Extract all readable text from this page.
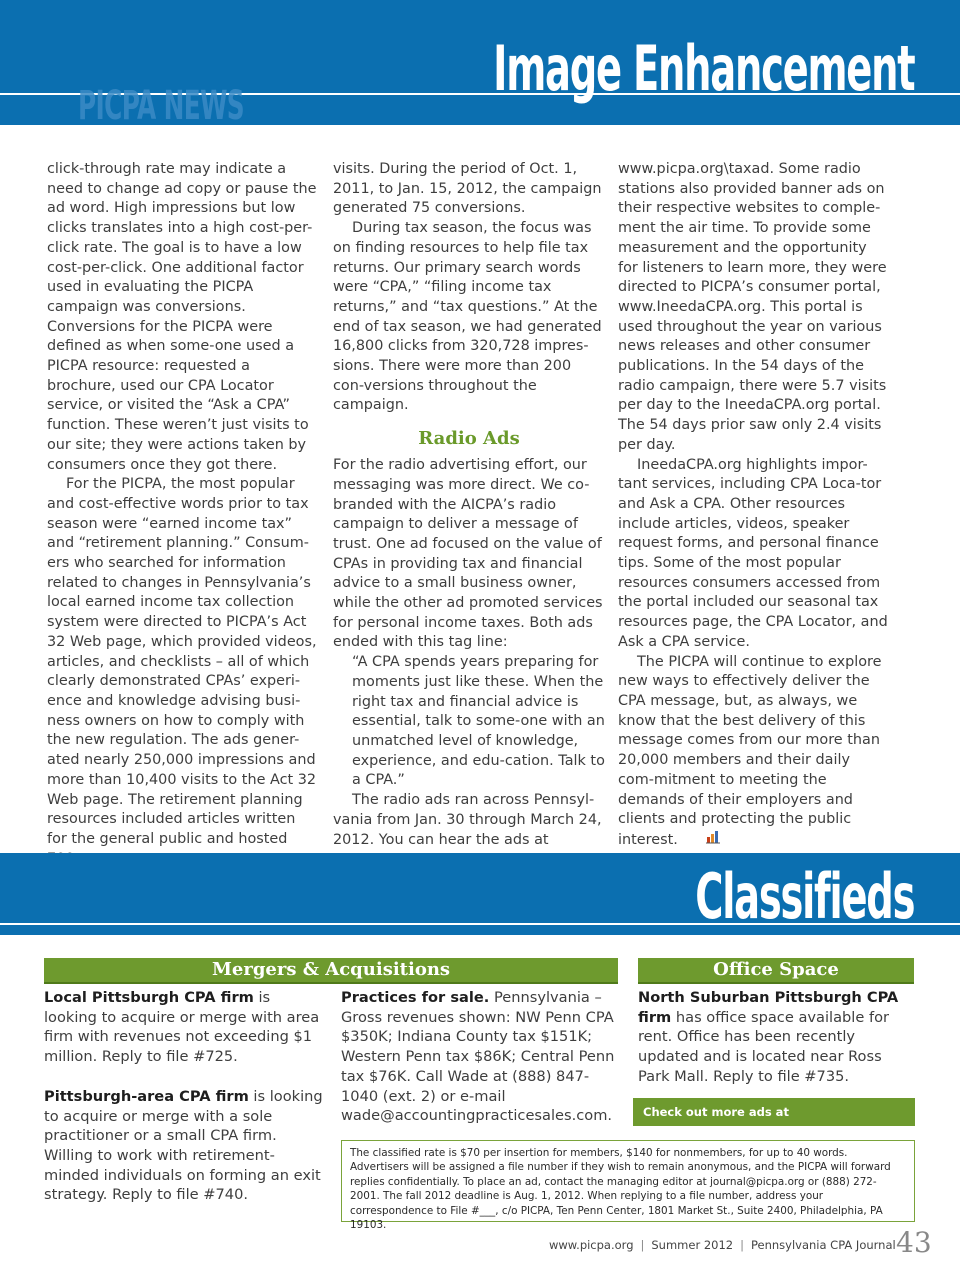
PICPA NEWS
Image Enhancement

click-through rate may indicate a need to change ad copy or pause the ad word. High impressions but low clicks translates into a high cost-per-click rate. The goal is to have a low cost-per-click. One additional factor used in evaluating the PICPA campaign was conversions. Conversions for the PICPA were defined as when some-one used a PICPA resource: requested a brochure, used our CPA Locator service, or visited the “Ask a CPA” function. These weren’t just visits to our site; they were actions taken by consumers once they got there.

For the PICPA, the most popular and cost-effective words prior to tax season were “earned income tax” and “retirement planning.” Consum-ers who searched for information related to changes in Pennsylvania’s local earned income tax collection system were directed to PICPA’s Act 32 Web page, which provided videos, articles, and checklists – all of which clearly demonstrated CPAs’ experi-ence and knowledge advising busi-ness owners on how to comply with the new regulation. The ads gener-ated nearly 250,000 impressions and more than 10,400 visits to the Act 32 Web page. The retirement planning resources included articles written for the general public and hosted

visits. During the period of Oct. 1, 2011, to Jan. 15, 2012, the campaign generated 75 conversions.

During tax season, the focus was on finding resources to help file tax returns. Our primary search words were “CPA,” “filing income tax returns,” and “tax questions.” At the end of tax season, we had generated 16,800 clicks from 320,728 impres-sions. There were more than 200 con-versions throughout the campaign.

Radio Ads

For the radio advertising effort, our messaging was more direct. We co-branded with the AICPA’s radio campaign to deliver a message of trust. One ad focused on the value of CPAs in providing tax and financial advice to a small business owner, while the other ad promoted services for personal income taxes. Both ads ended with this tag line:

“A CPA spends years preparing for moments just like these. When the right tax and financial advice is essential, talk to some-one with an unmatched level of knowledge, experience, and edu-cation. Talk to a CPA.”

The radio ads ran across Pennsyl-vania from Jan. 30 through March 24, 2012. You can hear the ads at

www.picpa.org\taxad. Some radio stations also provided banner ads on their respective websites to comple-ment the air time. To provide some measurement and the opportunity for listeners to learn more, they were directed to PICPA’s consumer portal, www.IneedaCPA.org. This portal is used throughout the year on various news releases and other consumer publications. In the 54 days of the radio campaign, there were 5.7 visits per day to the IneedaCPA.org portal. The 54 days prior saw only 2.4 visits per day.

IneedaCPA.org highlights impor-tant services, including CPA Loca-tor and Ask a CPA. Other resources include articles, videos, speaker request forms, and personal finance tips. Some of the most popular resources consumers accessed from the portal included our seasonal tax resources page, the CPA Locator, and Ask a CPA service.

The PICPA will continue to explore new ways to effectively deliver the CPA message, but, as always, we know that the best delivery of this message comes from our more than 20,000 members and their daily com-mitment to meeting the demands of their employers and clients and protecting the public interest.

Classifieds
Mergers & Acquisitions	Office Space

Local Pittsburgh CPA firm is looking to acquire or merge with area firm with revenues not exceeding $1 million. Reply to file #725.

Pittsburgh-area CPA firm is looking to acquire or merge with a sole practitioner or a small CPA firm. Willing to work with retirement-minded individuals on forming an exit strategy. Reply to file #740.

Practices for sale. Pennsylvania – Gross revenues shown: NW Penn CPA $350K; Indiana County tax $151K; Western Penn tax $86K; Central Penn tax $76K. Call Wade at (888) 847-1040 (ext. 2) or e-mail wade@accountingpracticesales.com.

North Suburban Pittsburgh CPA firm has office space available for rent. Office has been recently updated and is located near Ross Park Mall. Reply to file #735.

Check out more ads at www.picpa.org/careers
The classified rate is $70 per insertion for members, $140 for nonmembers, for up to 40 words. Advertisers will be assigned a file number if they wish to remain anonymous, and the PICPA will forward replies confidentially. To place an ad, contact the managing editor at journal@picpa.org or (888) 272-2001. The fall 2012 deadline is Aug. 1, 2012. When replying to a file number, address your correspondence to File #___, c/o PICPA, Ten Penn Center, 1801 Market St., Suite 2400, Philadelphia, PA 19103.
www.picpa.org | Summer 2012 | Pennsylvania CPA Journal 43
